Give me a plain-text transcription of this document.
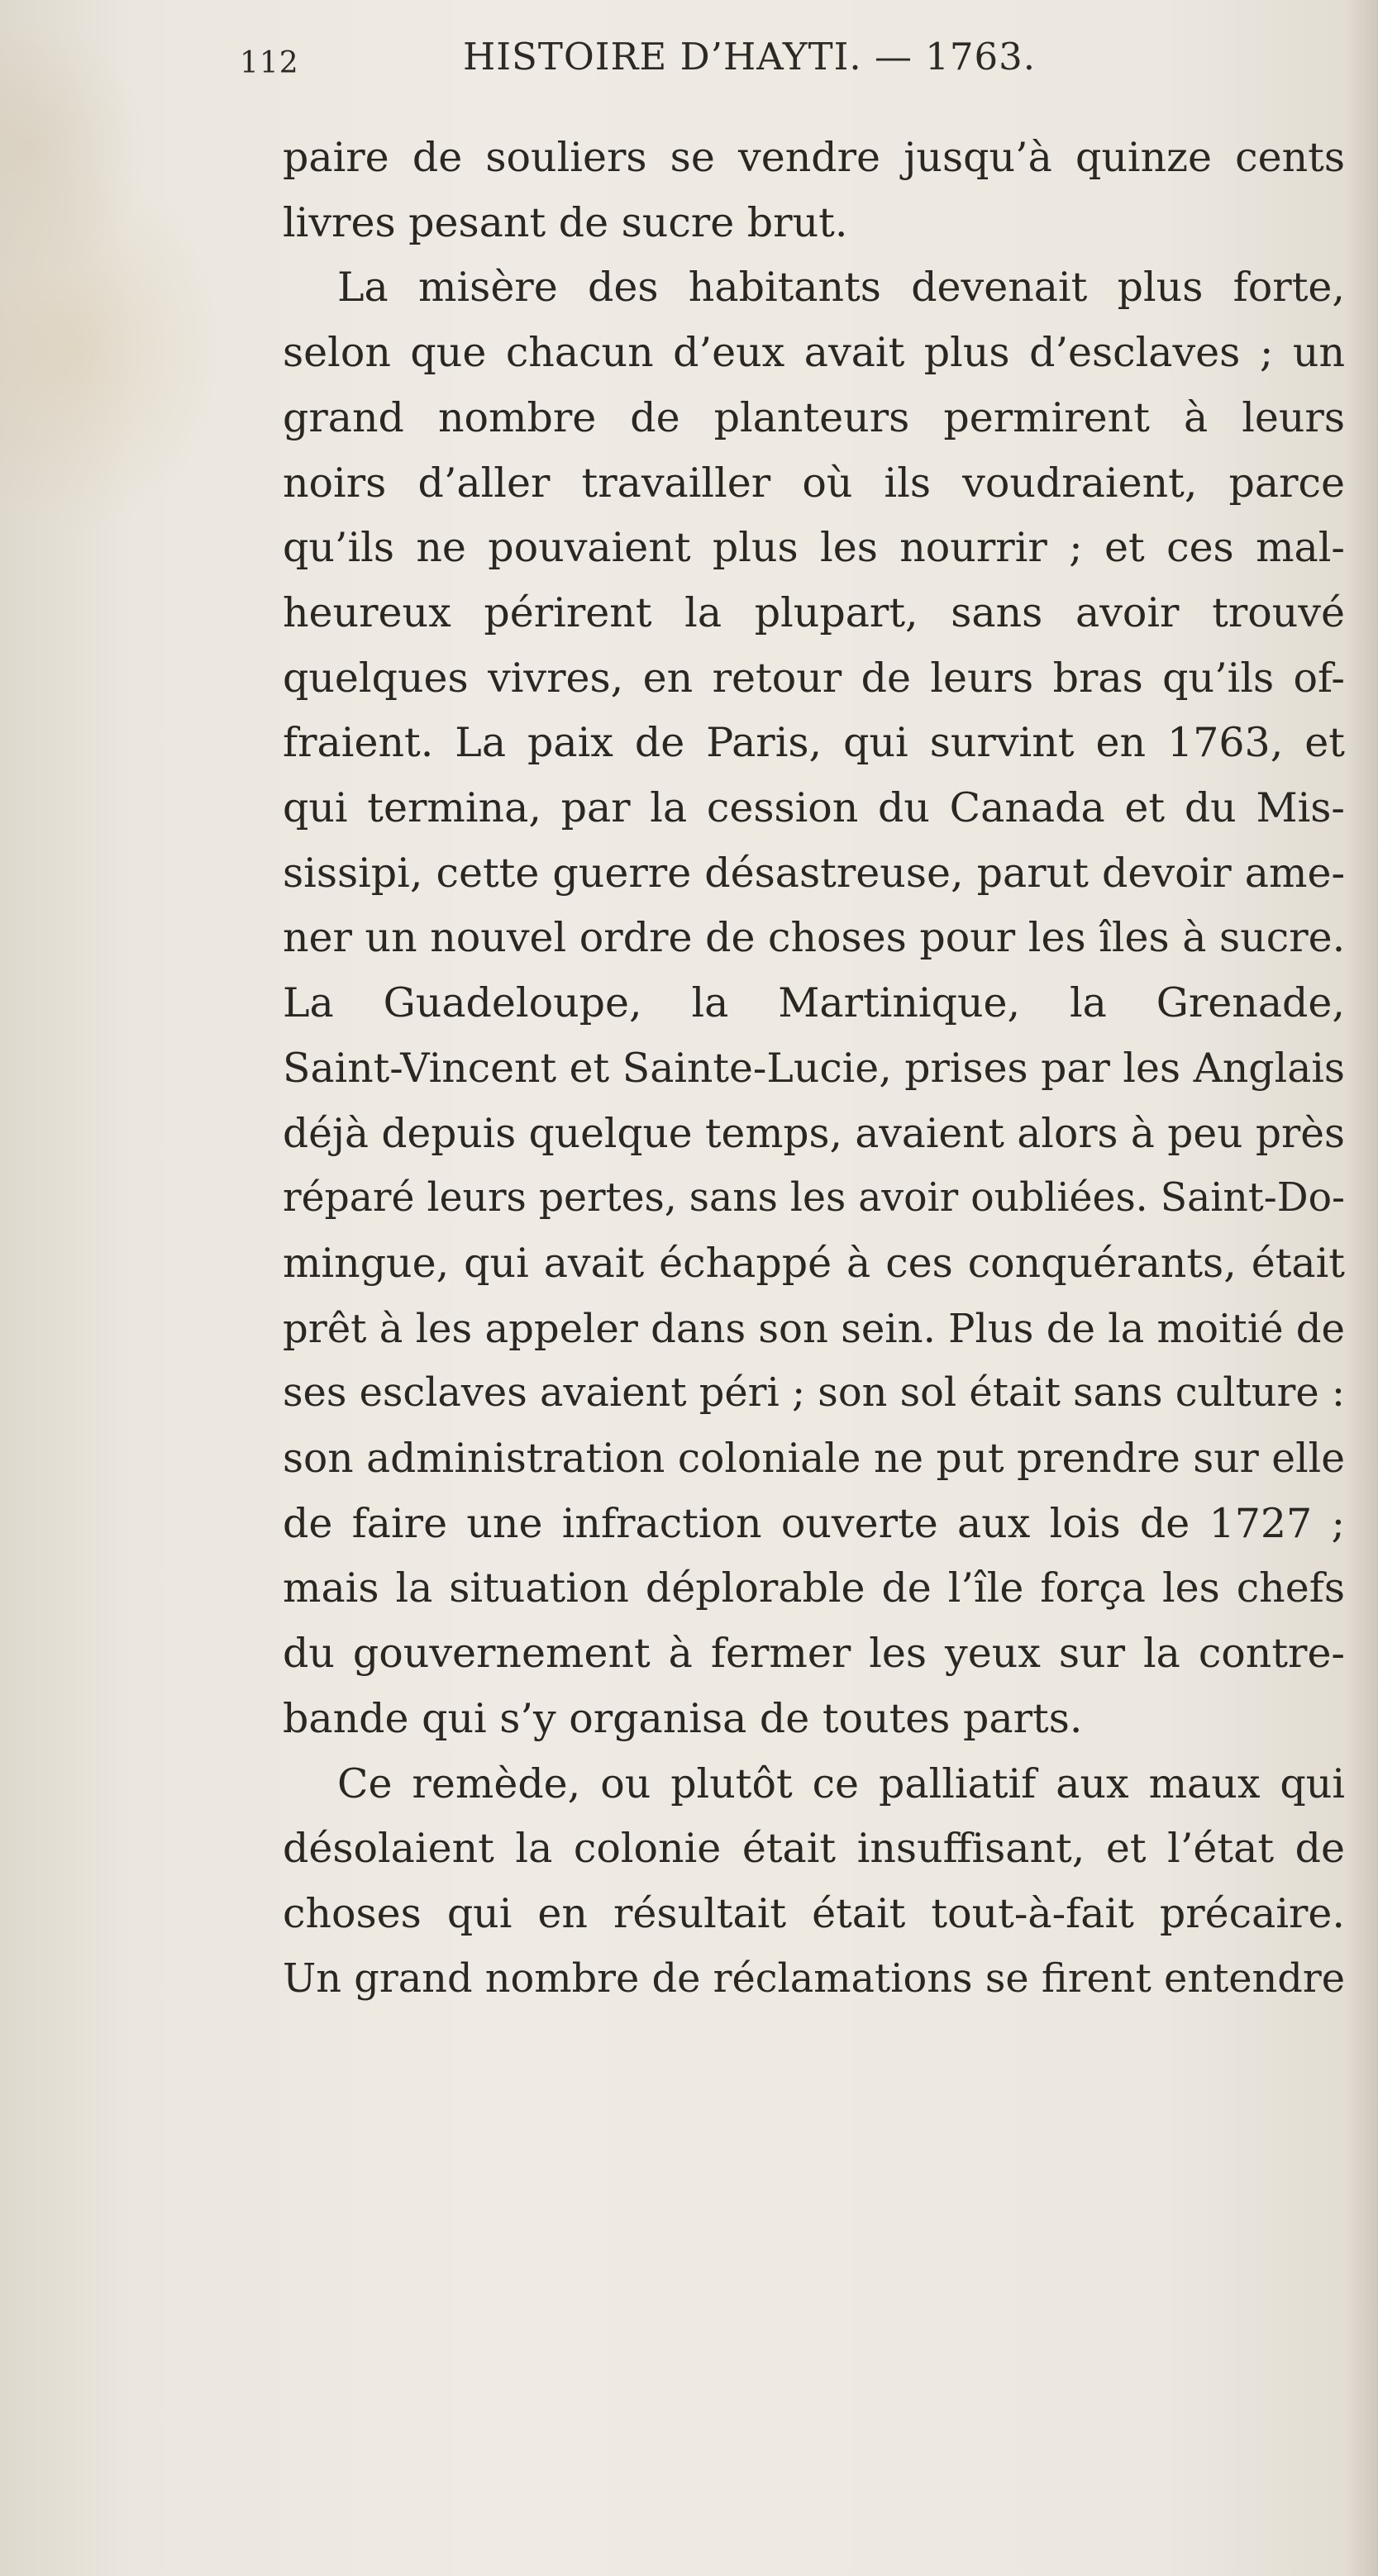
112	HISTOIRE D’HAYTI. — 1763.

paire de souliers se vendre jusqu’à quinze cents

livres pesant de sucre brut.

La misère des habitants devenait plus forte,

selon que chacun d’eux avait plus d’esclaves ; un

grand nombre de planteurs permirent à leurs

noirs d’aller travailler où ils voudraient, parce

qu’ils ne pouvaient plus les nourrir ; et ces mal-

heureux périrent la plupart, sans avoir trouvé

quelques vivres, en retour de leurs bras qu’ils of-

fraient. La paix de Paris, qui survint en 1763, et

qui termina, par la cession du Canada et du Mis-

sissipi, cette guerre désastreuse, parut devoir ame-

ner un nouvel ordre de choses pour les îles à sucre.

La Guadeloupe, la Martinique, la Grenade,

Saint-Vincent et Sainte-Lucie, prises par les Anglais

déjà depuis quelque temps, avaient alors à peu près

réparé leurs pertes, sans les avoir oubliées. Saint-Do-

mingue, qui avait échappé à ces conquérants, était

prêt à les appeler dans son sein. Plus de la moitié de

ses esclaves avaient péri ; son sol était sans culture :

son administration coloniale ne put prendre sur elle

de faire une infraction ouverte aux lois de 1727 ;

mais la situation déplorable de l’île força les chefs

du gouvernement à fermer les yeux sur la contre-

bande qui s’y organisa de toutes parts.

Ce remède, ou plutôt ce palliatif aux maux qui

désolaient la colonie était insuffisant, et l’état de

choses qui en résultait était tout-à-fait précaire.

Un grand nombre de réclamations se firent entendre
